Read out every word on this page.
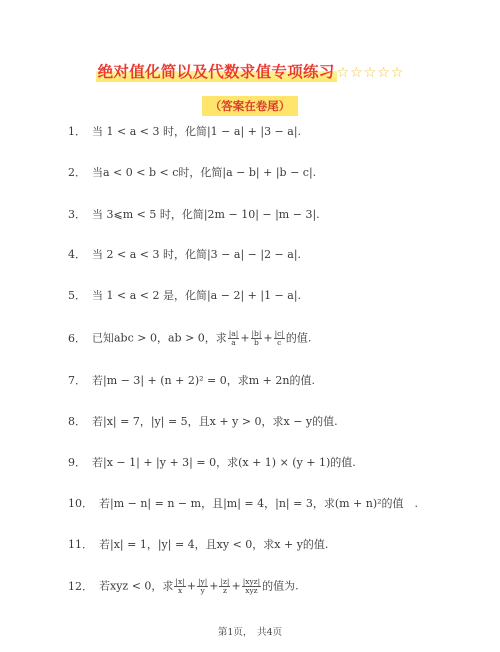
绝对值化简以及代数求值专项练习 ☆☆☆☆☆
（答案在卷尾）
1． 当 1 < a < 3 时，化简|1 − a| + |3 − a|.
2． 当a < 0 < b < c时，化简|a − b| + |b − c|.
3． 当 3⩽m < 5 时，化简|2m − 10| − |m − 3|.
4． 当 2 < a < 3 时，化简|3 − a| − |2 − a|.
5． 当 1 < a < 2 是，化简|a − 2| + |1 − a|.
6． 已知abc > 0，ab > 0，求 $\frac{|a|}{a} + \frac{|b|}{b} + \frac{|c|}{c}$ 的值.
7． 若|m − 3| + (n + 2)² = 0，求m + 2n的值.
8． 若|x| = 7，|y| = 5，且x + y > 0，求x − y的值.
9． 若|x − 1| + |y + 3| = 0，求(x + 1) × (y + 1)的值.
10． 若|m − n| = n − m，且|m| = 4，|n| = 3，求(m + n)²的值　.
11． 若|x| = 1，|y| = 4，且xy < 0，求x + y的值.
12． 若xyz < 0，求 $\frac{|x|}{x} + \frac{|y|}{y} + \frac{|z|}{z} + \frac{\text{|xyz|}}{\text{xyz}}$ 的值为.
第1页，　共4页
